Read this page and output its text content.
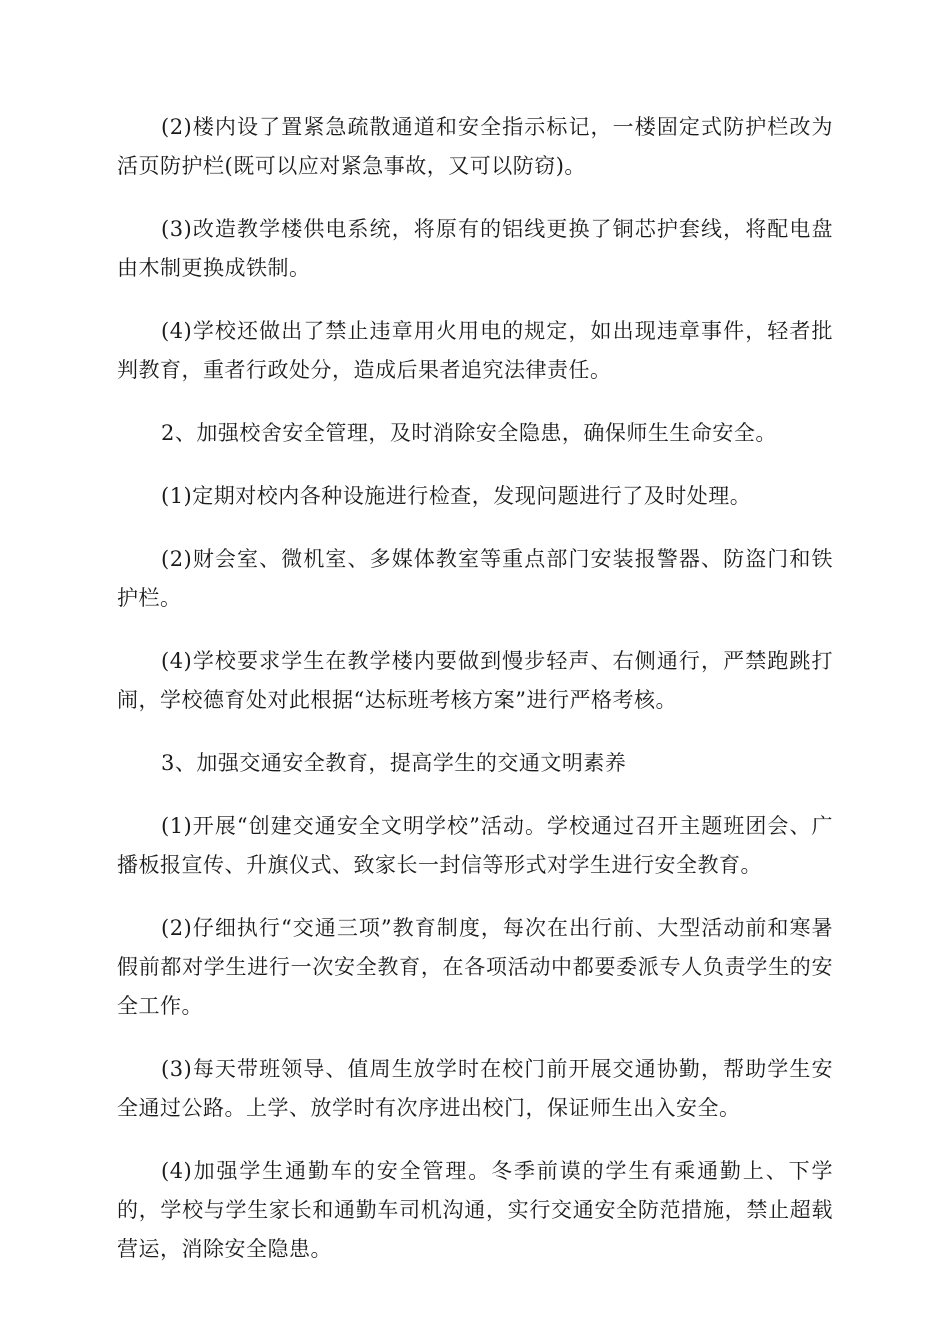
(2)楼内设了置紧急疏散通道和安全指示标记，一楼固定式防护栏改为活页防护栏(既可以应对紧急事故，又可以防窃)。

(3)改造教学楼供电系统，将原有的铝线更换了铜芯护套线，将配电盘由木制更换成铁制。

(4)学校还做出了禁止违章用火用电的规定，如出现违章事件，轻者批判教育，重者行政处分，造成后果者追究法律责任。

2、加强校舍安全管理，及时消除安全隐患，确保师生生命安全。

(1)定期对校内各种设施进行检查，发现问题进行了及时处理。

(2)财会室、微机室、多媒体教室等重点部门安装报警器、防盗门和铁护栏。

(4)学校要求学生在教学楼内要做到慢步轻声、右侧通行，严禁跑跳打闹，学校德育处对此根据“达标班考核方案”进行严格考核。

3、加强交通安全教育，提高学生的交通文明素养

(1)开展“创建交通安全文明学校”活动。学校通过召开主题班团会、广播板报宣传、升旗仪式、致家长一封信等形式对学生进行安全教育。

(2)仔细执行“交通三项”教育制度，每次在出行前、大型活动前和寒暑假前都对学生进行一次安全教育，在各项活动中都要委派专人负责学生的安全工作。

(3)每天带班领导、值周生放学时在校门前开展交通协勤，帮助学生安全通过公路。上学、放学时有次序进出校门，保证师生出入安全。

(4)加强学生通勤车的安全管理。冬季前谟的学生有乘通勤上、下学的，学校与学生家长和通勤车司机沟通，实行交通安全防范措施，禁止超载营运，消除安全隐患。
